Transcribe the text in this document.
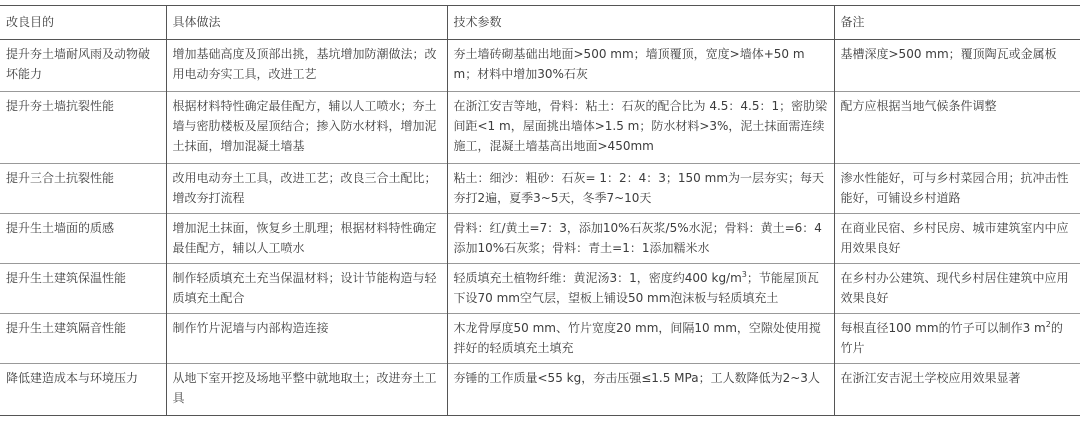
改良目的	具体做法	技术参数	备注
提升夯土墙耐风雨及动物破坏能力	增加基础高度及顶部出挑，基坑增加防潮做法；改用电动夯实工具，改进工艺	夯土墙砖砌基础出地面>500 mm；墙顶覆顶，宽度>墙体+50 mm；材料中增加30%石灰	基槽深度>500 mm；覆顶陶瓦或金属板
提升夯土墙抗裂性能	根据材料特性确定最佳配方，辅以人工喷水；夯土墙与密肋楼板及屋顶结合；掺入防水材料，增加泥土抹面，增加混凝土墙基	在浙江安吉等地，骨料：粘土：石灰的配合比为 4.5：4.5：1；密肋梁间距<1 m，屋面挑出墙体>1.5 m；防水材料>3%，泥土抹面需连续施工，混凝土墙基高出地面>450mm	配方应根据当地气候条件调整
提升三合土抗裂性能	改用电动夯土工具，改进工艺；改良三合土配比；增改夯打流程	粘土：细沙：粗砂：石灰= 1：2：4：3；150 mm为一层夯实；每天夯打2遍，夏季3~5天，冬季7~10天	渗水性能好，可与乡村菜园合用；抗冲击性能好，可铺设乡村道路
提升生土墙面的质感	增加泥土抹面，恢复乡土肌理；根据材料特性确定最佳配方，辅以人工喷水	骨料：红/黄土=7：3，添加10%石灰浆/5%水泥；骨料：黄土=6：4添加10%石灰浆；骨料：青土=1：1添加糯米水	在商业民宿、乡村民房、城市建筑室内中应用效果良好
提升生土建筑保温性能	制作轻质填充土充当保温材料；设计节能构造与轻质填充土配合	轻质填充土植物纤维：黄泥汤3：1，密度约400 $kg/m^3$；节能屋顶瓦下设70 mm空气层，望板上铺设50 mm泡沫板与轻质填充土	在乡村办公建筑、现代乡村居住建筑中应用效果良好
提升生土建筑隔音性能	制作竹片泥墙与内部构造连接	木龙骨厚度50 mm、竹片宽度20 mm，间隔10 mm，空隙处使用搅拌好的轻质填充土填充	每根直径100 mm的竹子可以制作3 $m^2$的竹片
降低建造成本与环境压力	从地下室开挖及场地平整中就地取土；改进夯土工具	夯锤的工作质量<55 kg，夯击压强≤1.5 MPa；工人数降低为2~3人	在浙江安吉泥土学校应用效果显著
